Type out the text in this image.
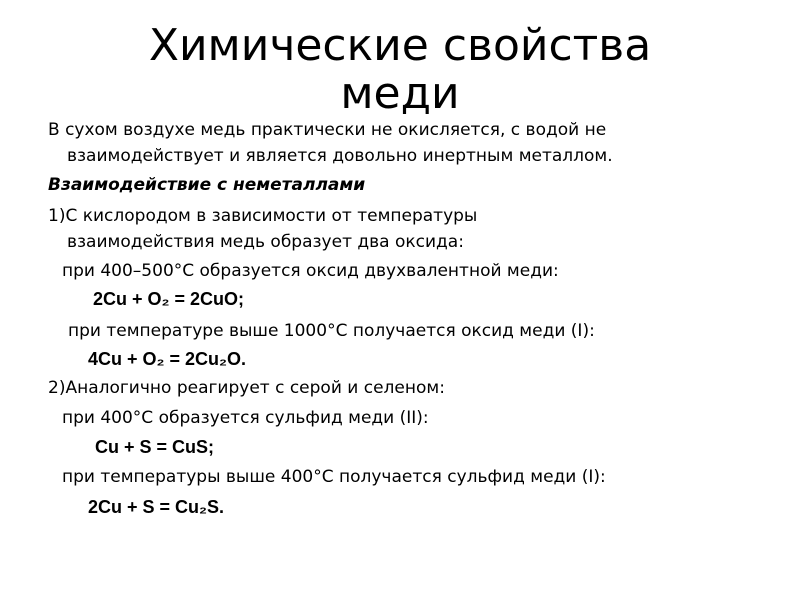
Химические свойства
меди
В сухом воздухе медь практически не окисляется, с водой не
взаимодействует и является довольно инертным металлом.
Взаимодействие с неметаллами
1)С кислородом в зависимости от температуры
взаимодействия медь образует два оксида:
при 400–500°С образуется оксид двухвалентной меди:
2Cu + O₂ = 2CuO;
при температуре выше 1000°С получается оксид меди (I):
4Cu + O₂ = 2Cu₂O.
2)Аналогично реагирует с серой и селеном:
при 400°С образуется сульфид меди (II):
Cu + S = CuS;
при температуры выше 400°С получается сульфид меди (I):
2Cu + S = Cu₂S.
